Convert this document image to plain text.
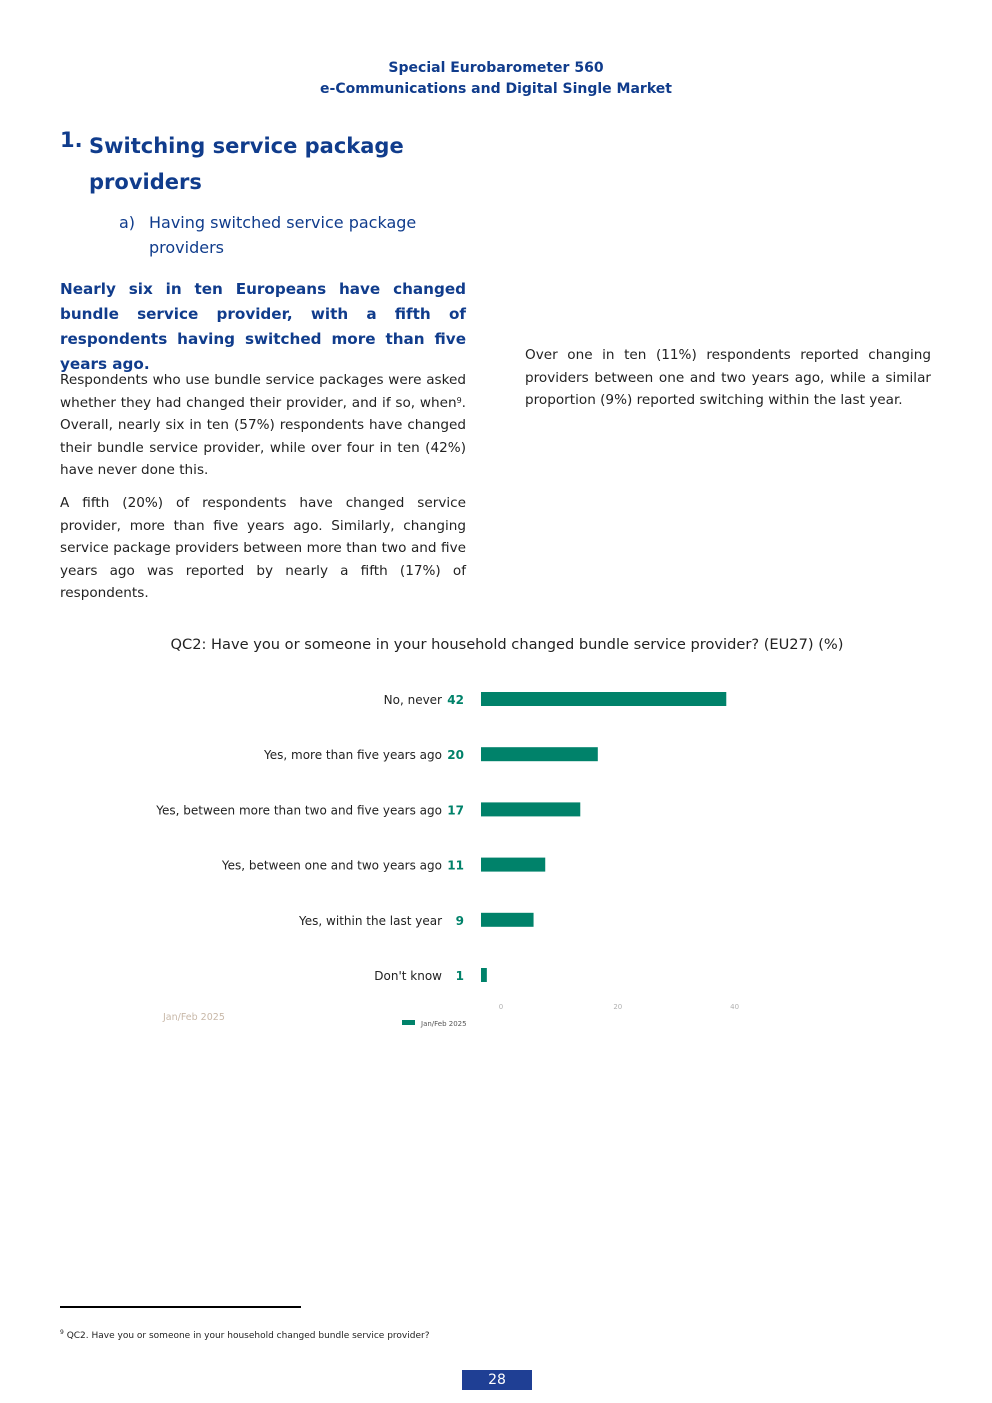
Special Eurobarometer 560
e-Communications and Digital Single Market
1. Switching service package providers
a) Having switched service package providers
Nearly six in ten Europeans have changed bundle service provider, with a fifth of respondents having switched more than five years ago.
Respondents who use bundle service packages were asked whether they had changed their provider, and if so, when$^9$. Overall, nearly six in ten (57%) respondents have changed their bundle service provider, while over four in ten (42%) have never done this.
A fifth (20%) of respondents have changed service provider, more than five years ago. Similarly, changing service package providers between more than two and five years ago was reported by nearly a fifth (17%) of respondents.
Over one in ten (11%) respondents reported changing providers between one and two years ago, while a similar proportion (9%) reported switching within the last year.
QC2: Have you or someone in your household changed bundle service provider? (EU27) (%)
No, never 42
Yes, more than five years ago 20
Yes, between more than two and five years ago 17
Yes, between one and two years ago 11
Yes, within the last year 9
Don't know 1
0	20	40
Jan/Feb 2025
Jan/Feb 2025
$^9$ QC2. Have you or someone in your household changed bundle service provider?
28
